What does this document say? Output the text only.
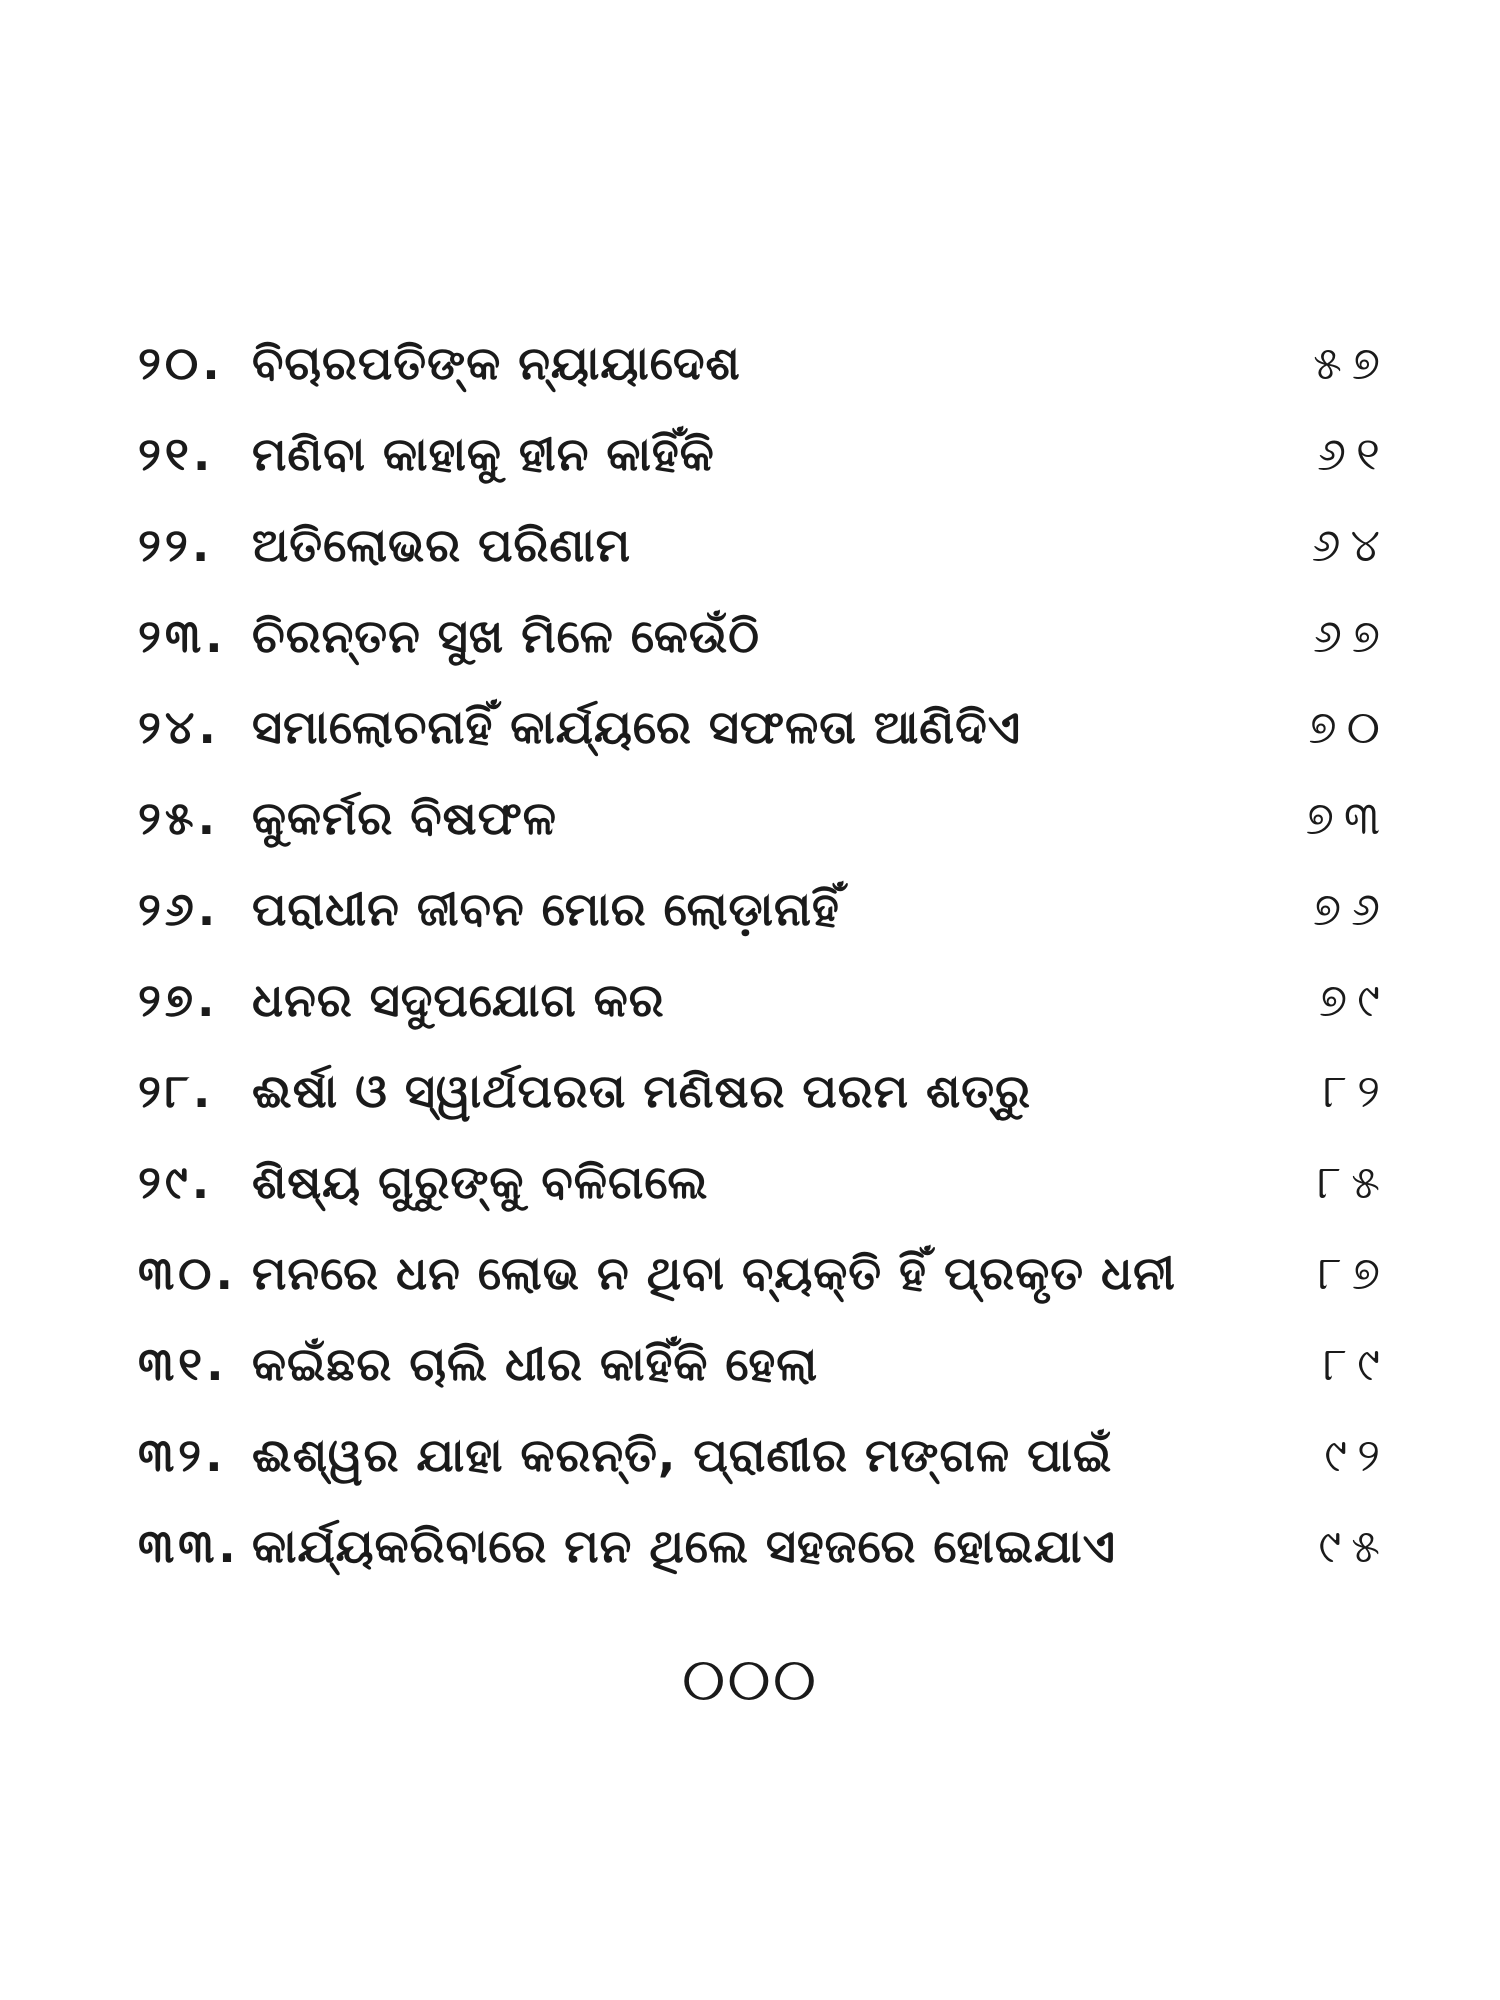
୨୦. ବିଚାରପତିଙ୍କ ନ୍ୟାୟାଦେଶ	୫୭
୨୧. ମଣିବା କାହାକୁ ହୀନ କାହିଁକି	୬୧
୨୨. ଅତିଲୋଭର ପରିଣାମ	୬୪
୨୩. ଚିରନ୍ତନ ସୁଖ ମିଳେ କେଉଁଠି	୬୭
୨୪. ସମାଲୋଚନାହିଁ କାର୍ଯ୍ୟରେ ସଫଳତା ଆଣିଦିଏ	୭୦
୨୫. କୁକର୍ମର ବିଷଫଳ	୭୩
୨୬. ପରାଧୀନ ଜୀବନ ମୋର ଲୋଡ଼ାନାହିଁ	୭୬
୨୭. ଧନର ସଦୁପଯୋଗ କର	୭୯
୨୮. ଈର୍ଷା ଓ ସ୍ୱାର୍ଥପରତା ମଣିଷର ପରମ ଶତ୍ରୁ	୮୨
୨୯. ଶିଷ୍ୟ ଗୁରୁଙ୍କୁ ବଳିଗଲେ	୮୫
୩୦. ମନରେ ଧନ ଲୋଭ ନ ଥିବା ବ୍ୟକ୍ତି ହିଁ ପ୍ରକୃତ ଧନୀ	୮୭
୩୧. କଇଁଛର ଚାଲି ଧୀର କାହିଁକି ହେଲା	୮୯
୩୨. ଈଶ୍ୱର ଯାହା କରନ୍ତି, ପ୍ରାଣୀର ମଙ୍ଗଳ ପାଇଁ	୯୨
୩୩. କାର୍ଯ୍ୟକରିବାରେ ମନ ଥିଲେ ସହଜରେ ହୋଇଯାଏ	୯୫
୦୦୦
